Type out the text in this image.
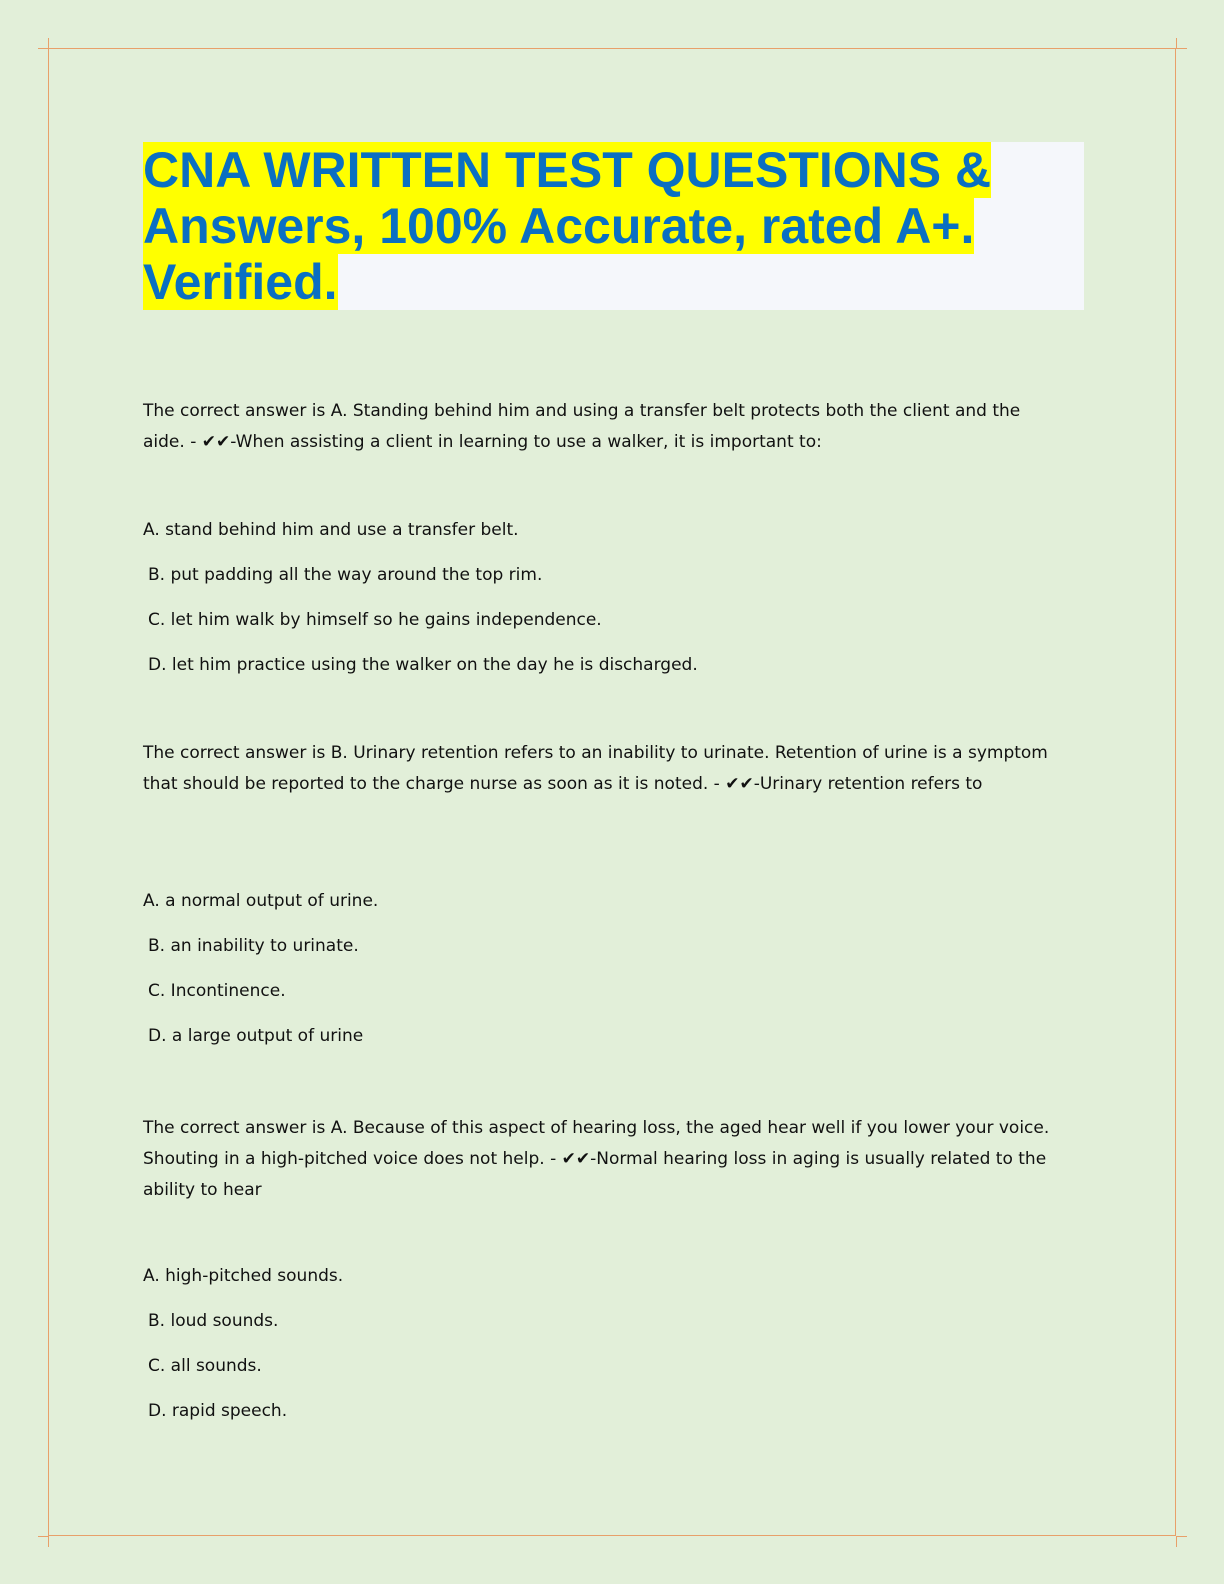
CNA WRITTEN TEST QUESTIONS & Answers, 100% Accurate, rated A+. Verified.

The correct answer is A. Standing behind him and using a transfer belt protects both the client and the aide. - ✔✔-When assisting a client in learning to use a walker, it is important to:

A. stand behind him and use a transfer belt.
B. put padding all the way around the top rim.
C. let him walk by himself so he gains independence.
D. let him practice using the walker on the day he is discharged.

The correct answer is B. Urinary retention refers to an inability to urinate. Retention of urine is a symptom that should be reported to the charge nurse as soon as it is noted. - ✔✔-Urinary retention refers to

A. a normal output of urine.
B. an inability to urinate.
C. Incontinence.
D. a large output of urine

The correct answer is A. Because of this aspect of hearing loss, the aged hear well if you lower your voice. Shouting in a high-pitched voice does not help. - ✔✔-Normal hearing loss in aging is usually related to the ability to hear

A. high-pitched sounds.
B. loud sounds.
C. all sounds.
D. rapid speech.
